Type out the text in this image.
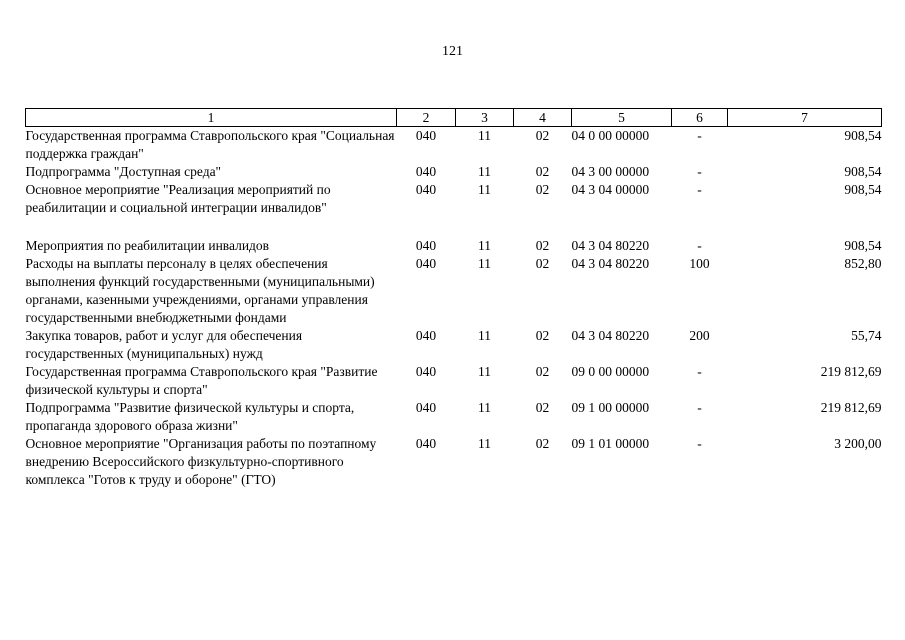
121
1	2	3	4	5	6	7
Государственная программа Ставропольского края "Социальная поддержка граждан"	040	11	02	04 0 00 00000	-	908,54
Подпрограмма "Доступная среда"	040	11	02	04 3 00 00000	-	908,54
Основное мероприятие "Реализация мероприятий по реабилитации и социальной интеграции инвалидов"	040	11	02	04 3 04 00000	-	908,54

Мероприятия по реабилитации инвалидов	040	11	02	04 3 04 80220	-	908,54
Расходы на выплаты персоналу в целях обеспечения выполнения функций государственными (муниципальными) органами, казенными учреждениями, органами управления государственными внебюджетными фондами	040	11	02	04 3 04 80220	100	852,80
Закупка товаров, работ и услуг для обеспечения государственных (муниципальных) нужд	040	11	02	04 3 04 80220	200	55,74
Государственная программа Ставропольского края "Развитие физической культуры и спорта"	040	11	02	09 0 00 00000	-	219 812,69
Подпрограмма "Развитие физической культуры и спорта, пропаганда здорового образа жизни"	040	11	02	09 1 00 00000	-	219 812,69
Основное мероприятие "Организация работы по поэтапному внедрению Всероссийского физкультурно-спортивного комплекса "Готов к труду и обороне" (ГТО)	040	11	02	09 1 01 00000	-	3 200,00
